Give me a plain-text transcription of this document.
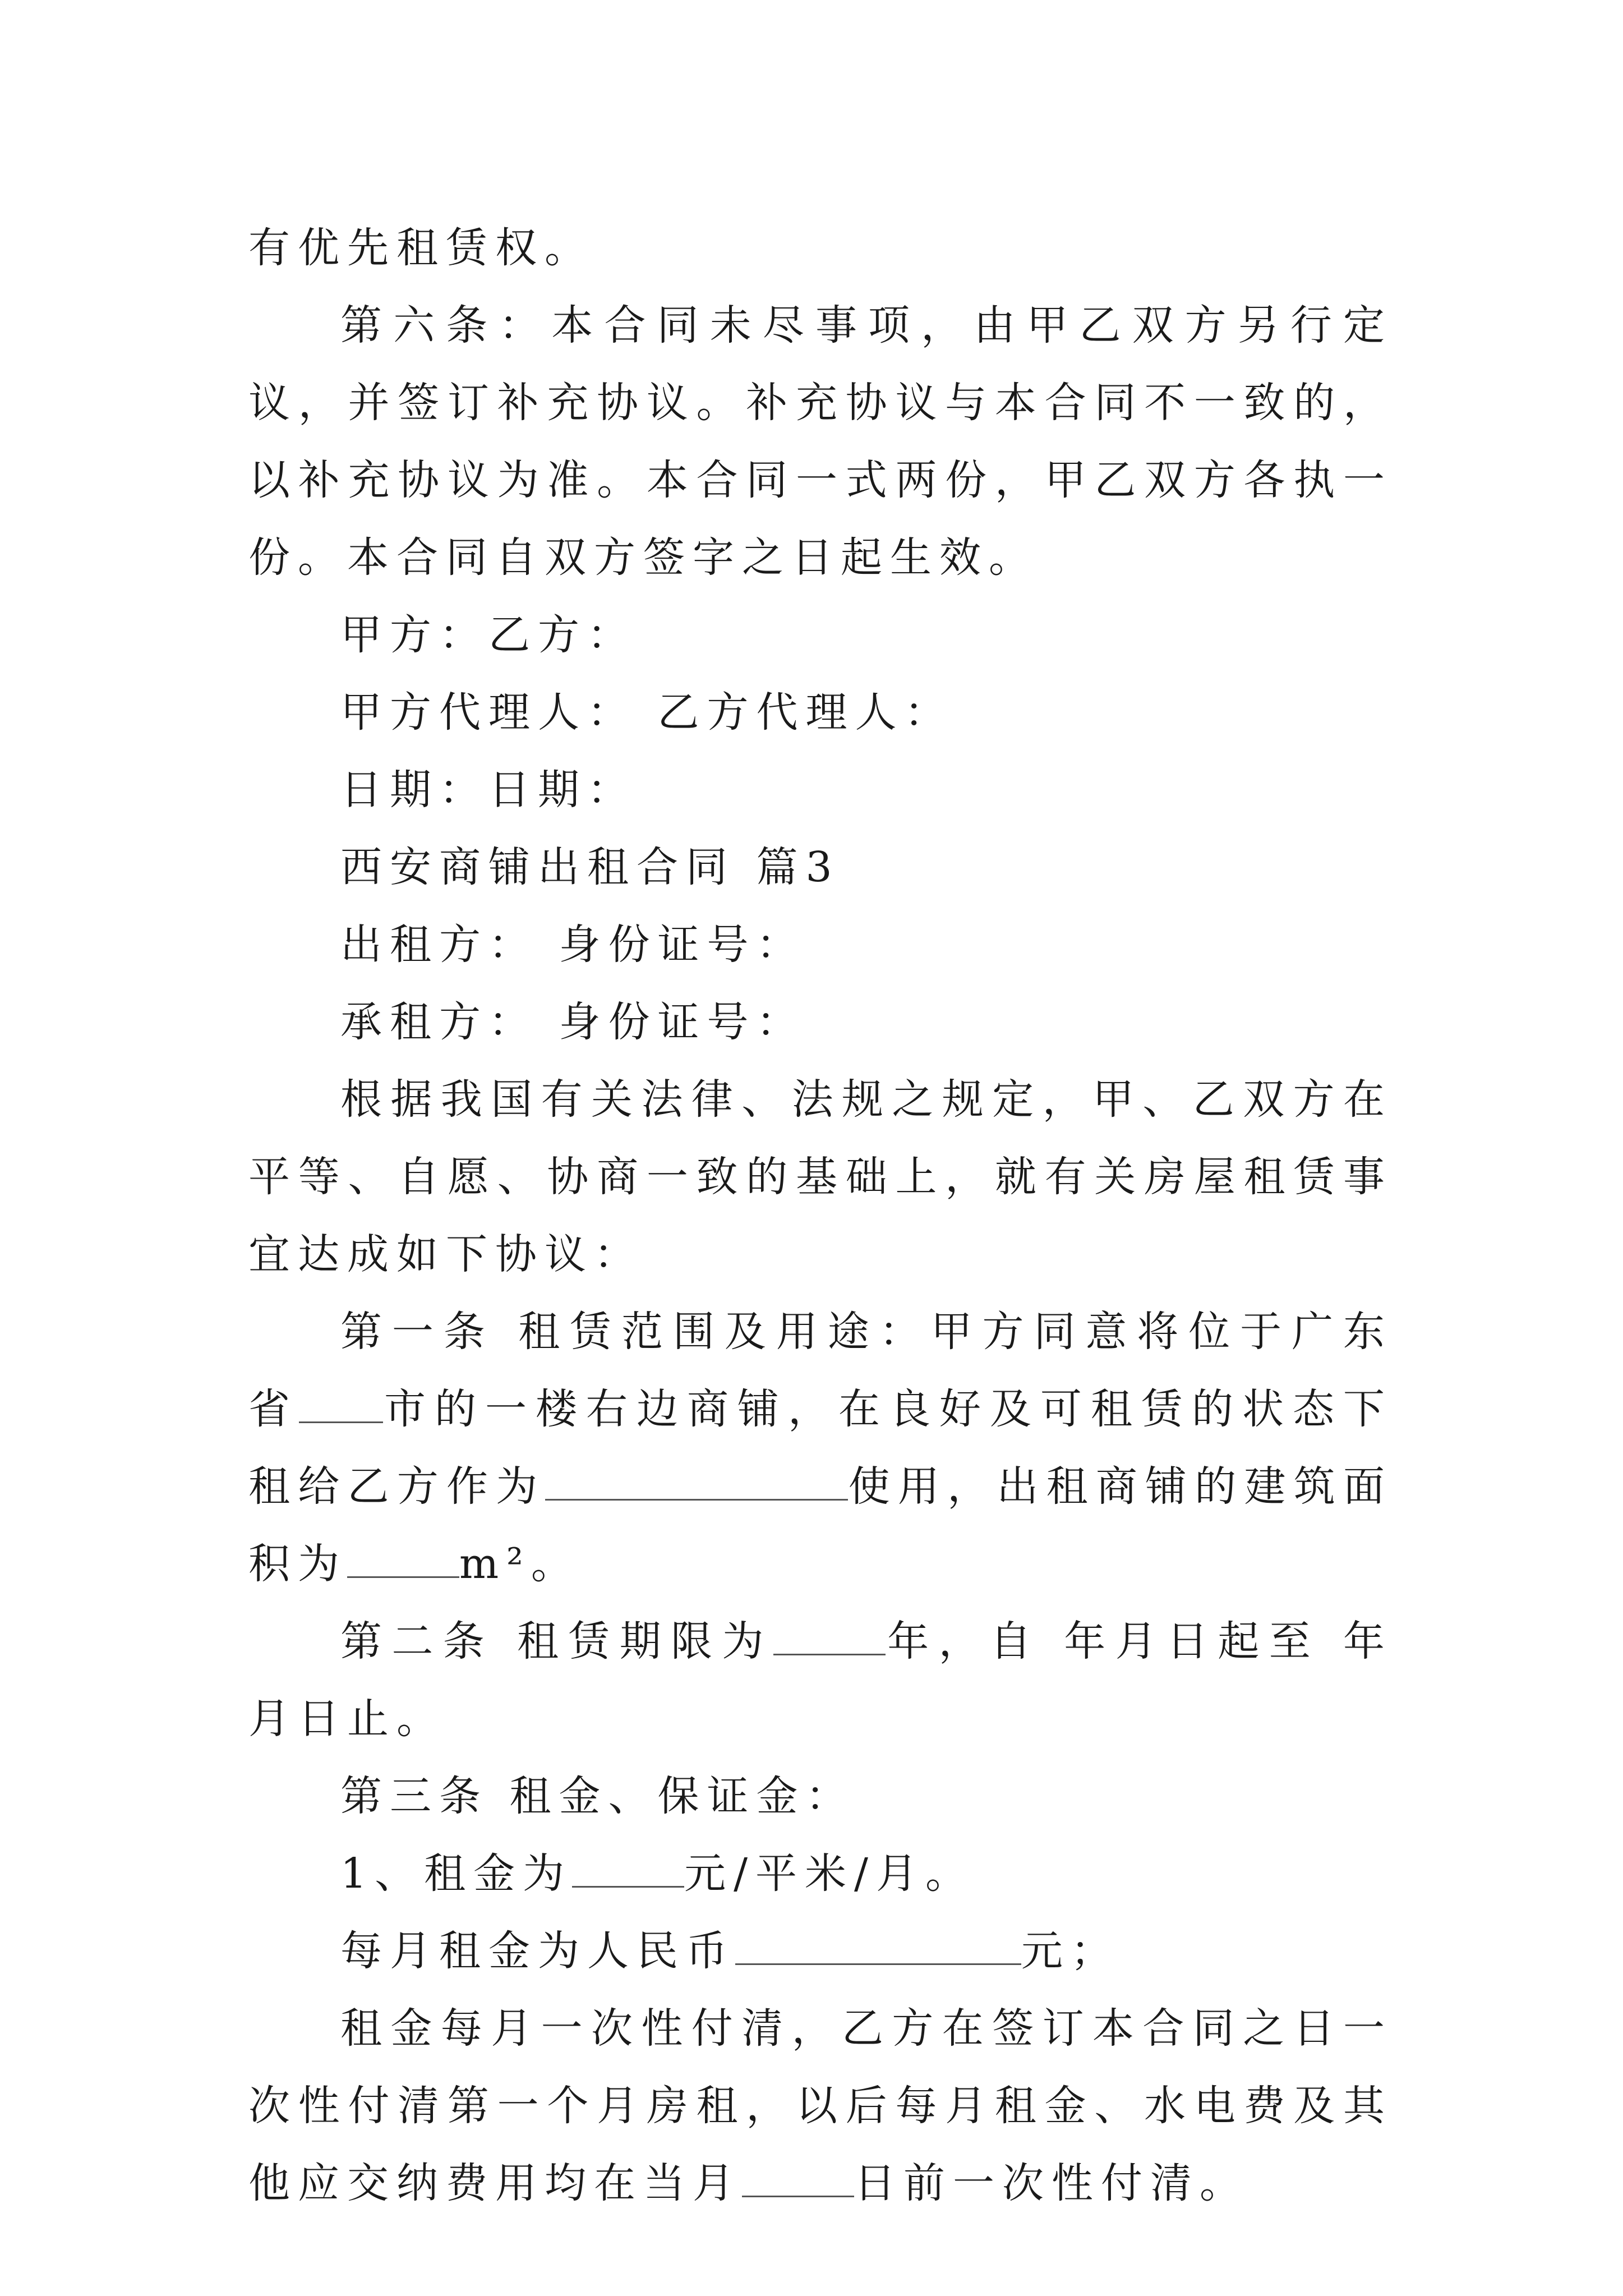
有优先租赁权。

第六条：本合同未尽事项，由甲乙双方另行定议，并签订补充协议。补充协议与本合同不一致的，以补充协议为准。本合同一式两份，甲乙双方各执一份。本合同自双方签字之日起生效。

甲方：乙方：

甲方代理人： 乙方代理人：

日期：日期：

西安商铺出租合同 篇3

出租方： 身份证号：

承租方： 身份证号：

根据我国有关法律、法规之规定，甲、乙双方在平等、自愿、协商一致的基础上，就有关房屋租赁事宜达成如下协议：

第一条 租赁范围及用途：甲方同意将位于广东省 市的一楼右边商铺，在良好及可租赁的状态下租给乙方作为	使用，出租商铺的建筑面积为	m²。

第二条 租赁期限为	年，自 年月日起至 年月日止。

第三条 租金、保证金：

1、租金为	元/平米/月。

每月租金为人民币	元；

租金每月一次性付清，乙方在签订本合同之日一次性付清第一个月房租，以后每月租金、水电费及其他应交纳费用均在当月	日前一次性付清。
